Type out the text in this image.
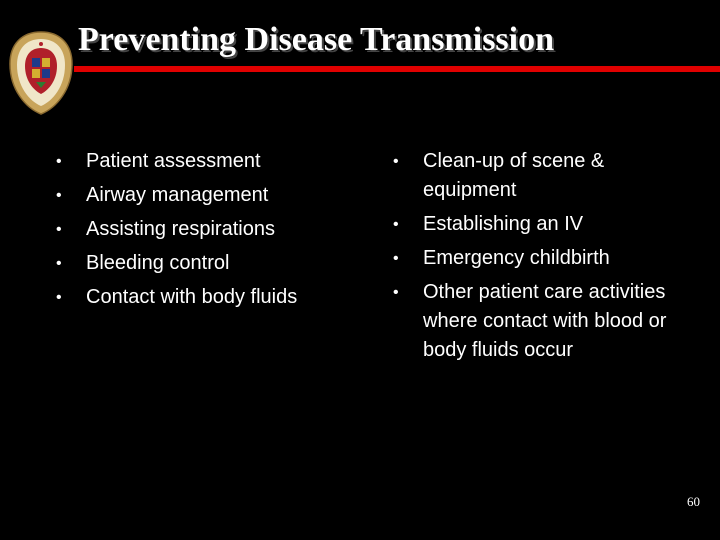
Preventing Disease Transmission
• Patient assessment
• Airway management
• Assisting respirations
• Bleeding control
• Contact with body fluids
• Clean-up of scene & equipment
• Establishing an IV
• Emergency childbirth
• Other patient care activities where contact with blood or body fluids occur
60
